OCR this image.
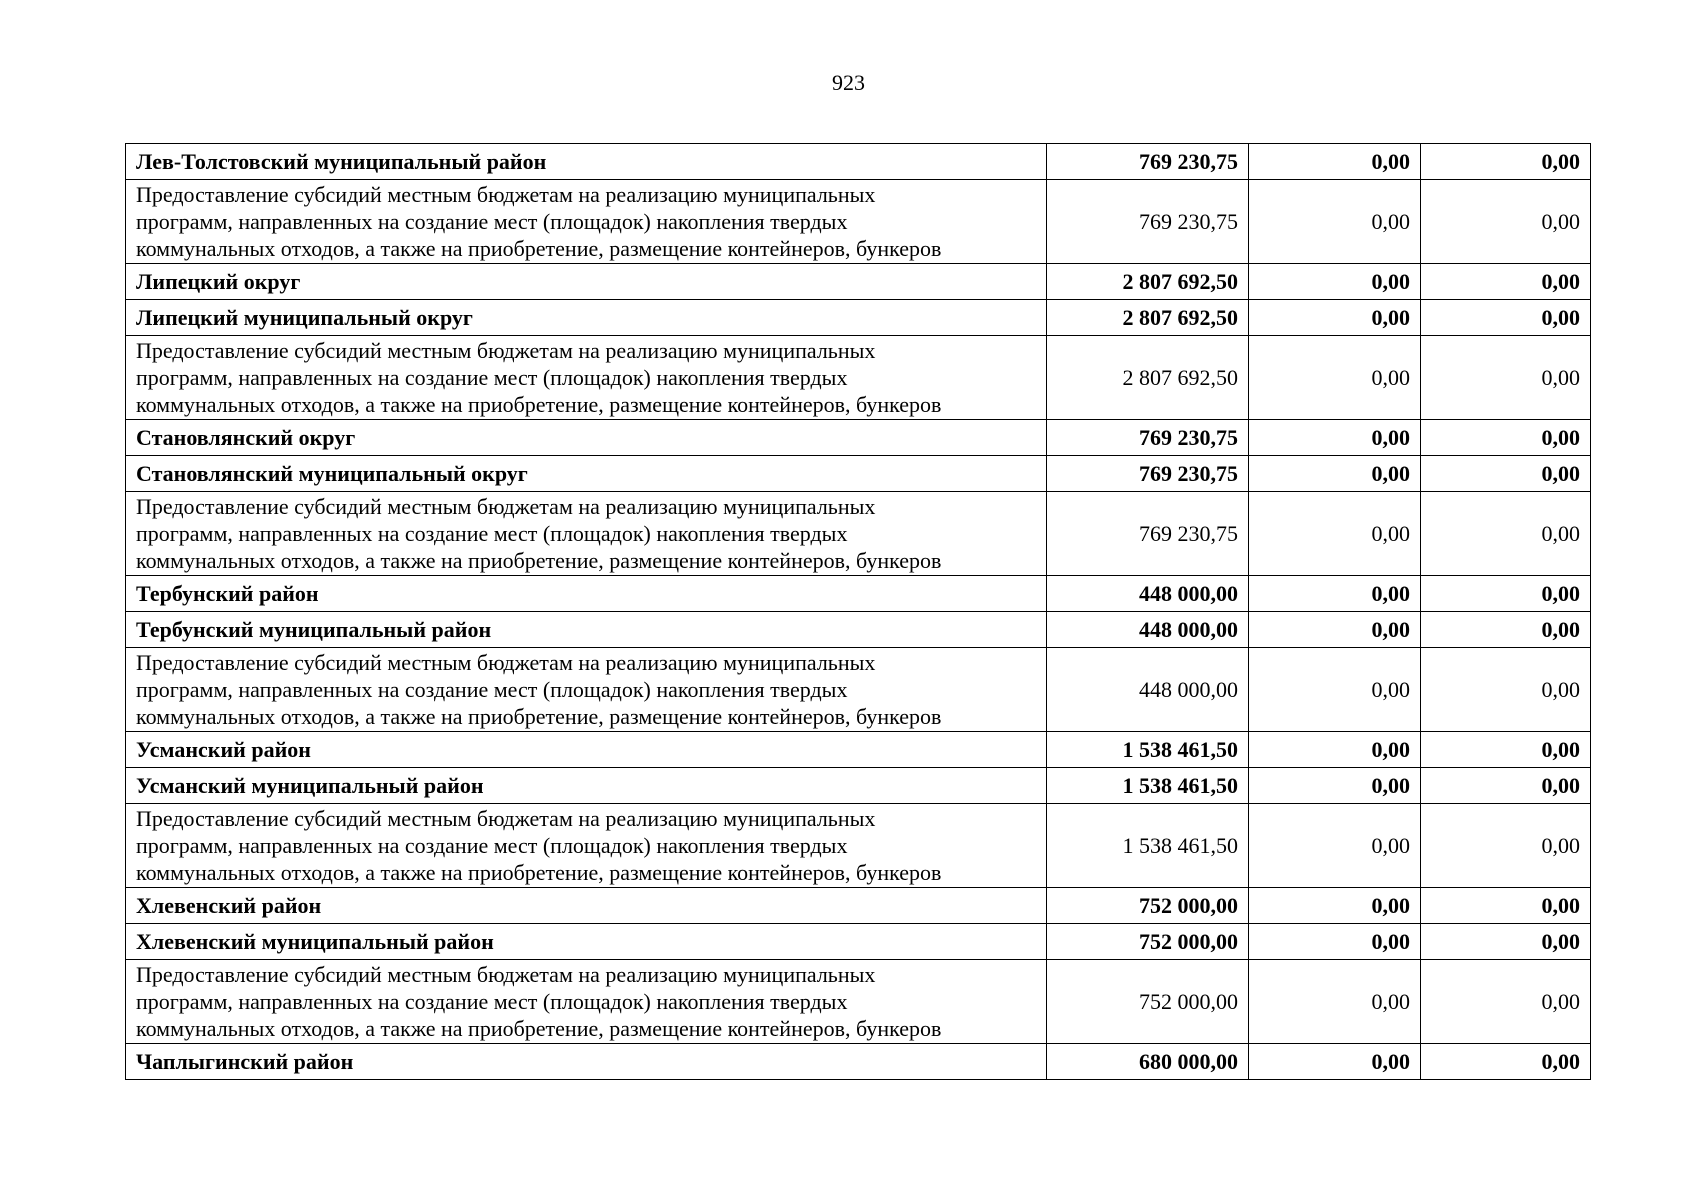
923
Лев-Толстовский муниципальный район	769 230,75	0,00	0,00

Предоставление субсидий местным бюджетам на реализацию муниципальных
программ, направленных на создание мест (площадок) накопления твердых
коммунальных отходов, а также на приобретение, размещение контейнеров, бункеров	769 230,75	0,00	0,00
Липецкий округ	2 807 692,50	0,00	0,00
Липецкий муниципальный округ	2 807 692,50	0,00	0,00

Предоставление субсидий местным бюджетам на реализацию муниципальных
программ, направленных на создание мест (площадок) накопления твердых
коммунальных отходов, а также на приобретение, размещение контейнеров, бункеров	2 807 692,50	0,00	0,00
Становлянский округ	769 230,75	0,00	0,00
Становлянский муниципальный округ	769 230,75	0,00	0,00

Предоставление субсидий местным бюджетам на реализацию муниципальных
программ, направленных на создание мест (площадок) накопления твердых
коммунальных отходов, а также на приобретение, размещение контейнеров, бункеров	769 230,75	0,00	0,00
Тербунский район	448 000,00	0,00	0,00
Тербунский муниципальный район	448 000,00	0,00	0,00

Предоставление субсидий местным бюджетам на реализацию муниципальных
программ, направленных на создание мест (площадок) накопления твердых
коммунальных отходов, а также на приобретение, размещение контейнеров, бункеров	448 000,00	0,00	0,00
Усманский район	1 538 461,50	0,00	0,00
Усманский муниципальный район	1 538 461,50	0,00	0,00

Предоставление субсидий местным бюджетам на реализацию муниципальных
программ, направленных на создание мест (площадок) накопления твердых
коммунальных отходов, а также на приобретение, размещение контейнеров, бункеров	1 538 461,50	0,00	0,00
Хлевенский район	752 000,00	0,00	0,00
Хлевенский муниципальный район	752 000,00	0,00	0,00

Предоставление субсидий местным бюджетам на реализацию муниципальных
программ, направленных на создание мест (площадок) накопления твердых
коммунальных отходов, а также на приобретение, размещение контейнеров, бункеров	752 000,00	0,00	0,00
Чаплыгинский район	680 000,00	0,00	0,00
